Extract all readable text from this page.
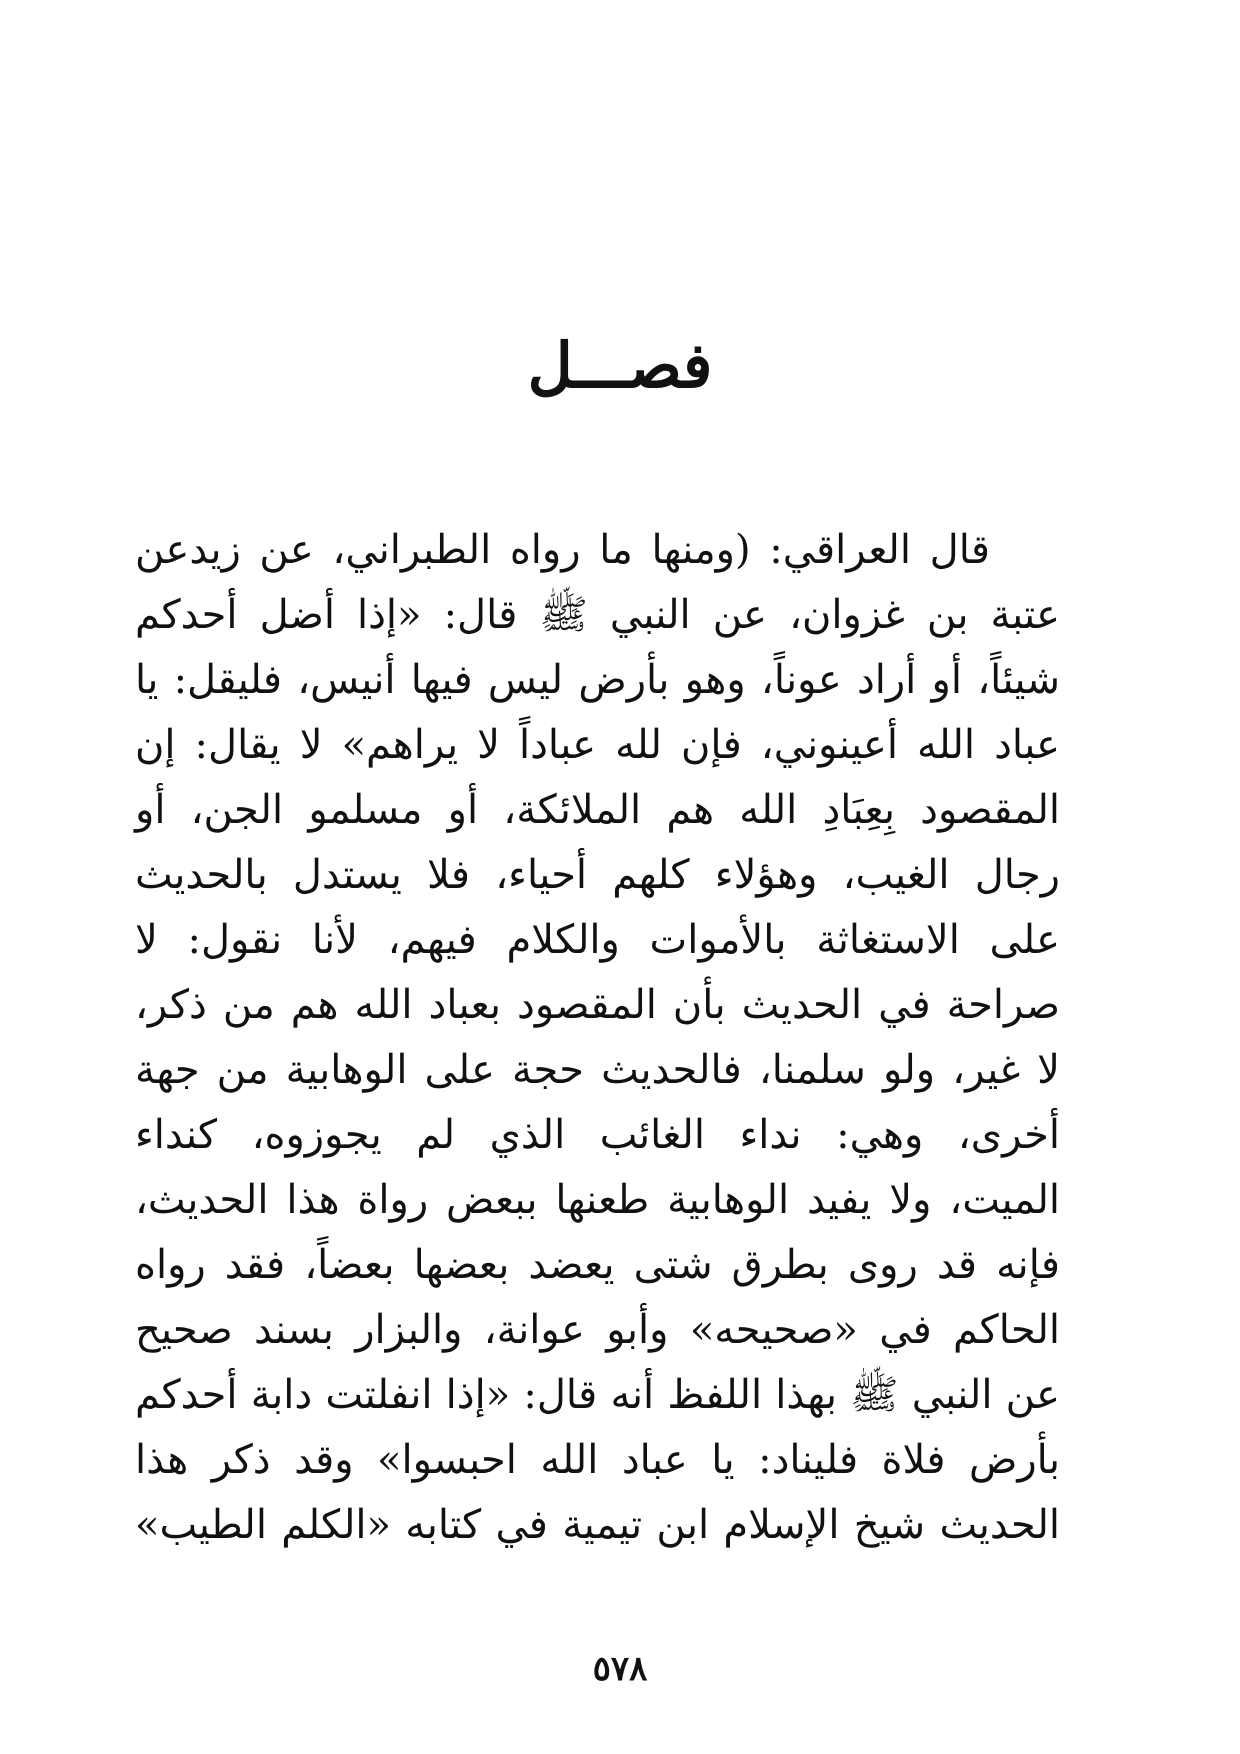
فصـــل
قال العراقي: (ومنها ما رواه الطبراني، عن زيدعن
عتبة بن غزوان، عن النبي ﷺ قال: «إذا أضل أحدكم
شيئاً، أو أراد عوناً، وهو بأرض ليس فيها أنيس، فليقل: يا
عباد الله أعينوني، فإن لله عباداً لا يراهم» لا يقال: إن
المقصود بِعِبَادِ الله هم الملائكة، أو مسلمو الجن، أو
رجال الغيب، وهؤلاء كلهم أحياء، فلا يستدل بالحديث
على الاستغاثة بالأموات والكلام فيهم، لأنا نقول: لا
صراحة في الحديث بأن المقصود بعباد الله هم من ذكر،
لا غير، ولو سلمنا، فالحديث حجة على الوهابية من جهة
أخرى، وهي: نداء الغائب الذي لم يجوزوه، كنداء
الميت، ولا يفيد الوهابية طعنها ببعض رواة هذا الحديث،
فإنه قد روى بطرق شتى يعضد بعضها بعضاً، فقد رواه
الحاكم في «صحيحه» وأبو عوانة، والبزار بسند صحيح
عن النبي ﷺ بهذا اللفظ أنه قال: «إذا انفلتت دابة أحدكم
بأرض فلاة فليناد: يا عباد الله احبسوا» وقد ذكر هذا
الحديث شيخ الإسلام ابن تيمية في كتابه «الكلم الطيب»
٥٧٨
